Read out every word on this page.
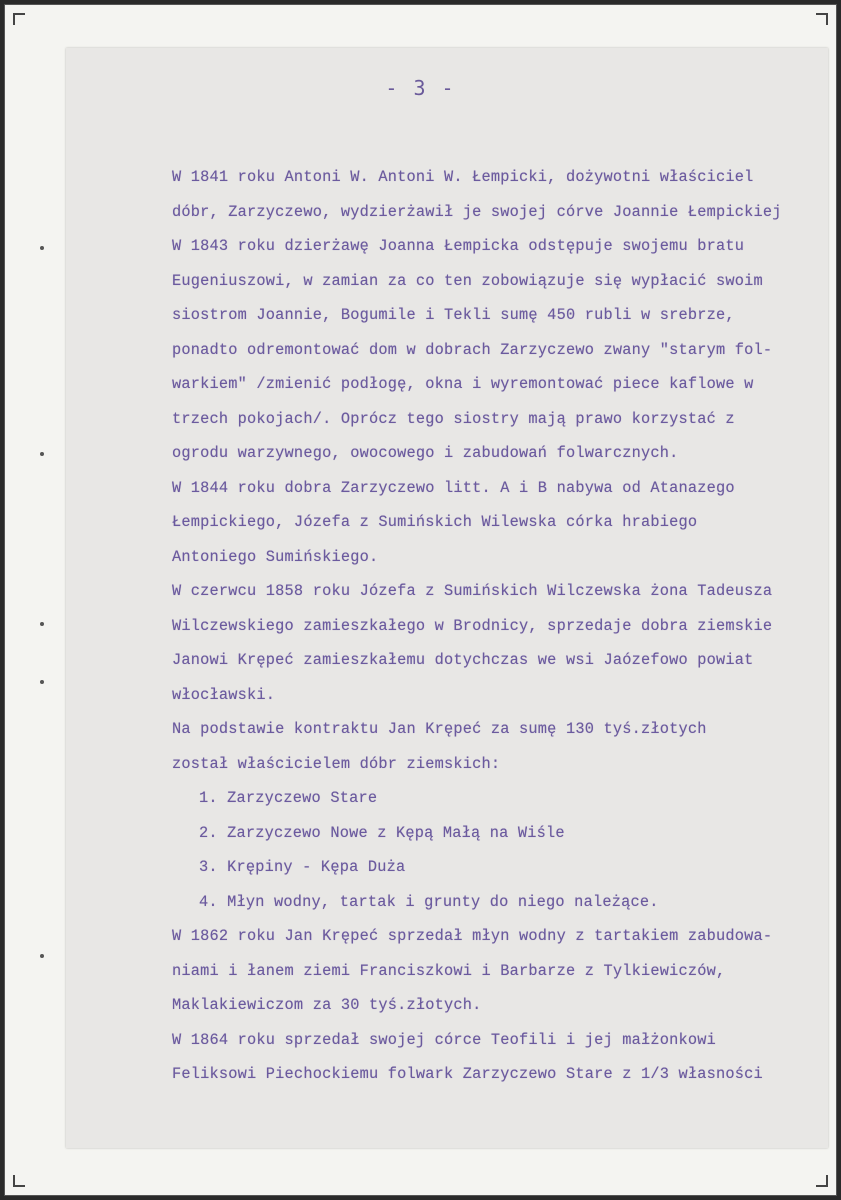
- 3 -
W 1841 roku Antoni W. Antoni W. Łempicki, dożywotni właściciel
dóbr, Zarzyczewo, wydzierżawił je swojej córve Joannie Łempickiej
W 1843 roku dzierżawę Joanna Łempicka odstępuje swojemu bratu
Eugeniuszowi, w zamian za co ten zobowiązuje się wypłacić swoim
siostrom Joannie, Bogumile i Tekli sumę 450 rubli w srebrze,
ponadto odremontować dom w dobrach Zarzyczewo zwany "starym fol-
warkiem" /zmienić podłogę, okna i wyremontować piece kaflowe w
trzech pokojach/. Oprócz tego siostry mają prawo korzystać z
ogrodu warzywnego, owocowego i zabudowań folwarcznych.
W 1844 roku dobra Zarzyczewo litt. A i B nabywa od Atanazego
Łempickiego, Józefa z Sumińskich Wilewska córka hrabiego
Antoniego Sumińskiego.
W czerwcu 1858 roku Józefa z Sumińskich Wilczewska żona Tadeusza
Wilczewskiego zamieszkałego w Brodnicy, sprzedaje dobra ziemskie
Janowi Krępeć zamieszkałemu dotychczas we wsi Jaózefowo powiat
włocławski.
Na podstawie kontraktu Jan Krępeć za sumę 130 tyś.złotych
został właścicielem dóbr ziemskich:
1. Zarzyczewo Stare
2. Zarzyczewo Nowe z Kępą Małą na Wiśle
3. Krępiny - Kępa Duża
4. Młyn wodny, tartak i grunty do niego należące.
W 1862 roku Jan Krępeć sprzedał młyn wodny z tartakiem zabudowa-
niami i łanem ziemi Franciszkowi i Barbarze z Tylkiewiczów,
Maklakiewiczom za 30 tyś.złotych.
W 1864 roku sprzedał swojej córce Teofili i jej małżonkowi
Feliksowi Piechockiemu folwark Zarzyczewo Stare z 1/3 własności
